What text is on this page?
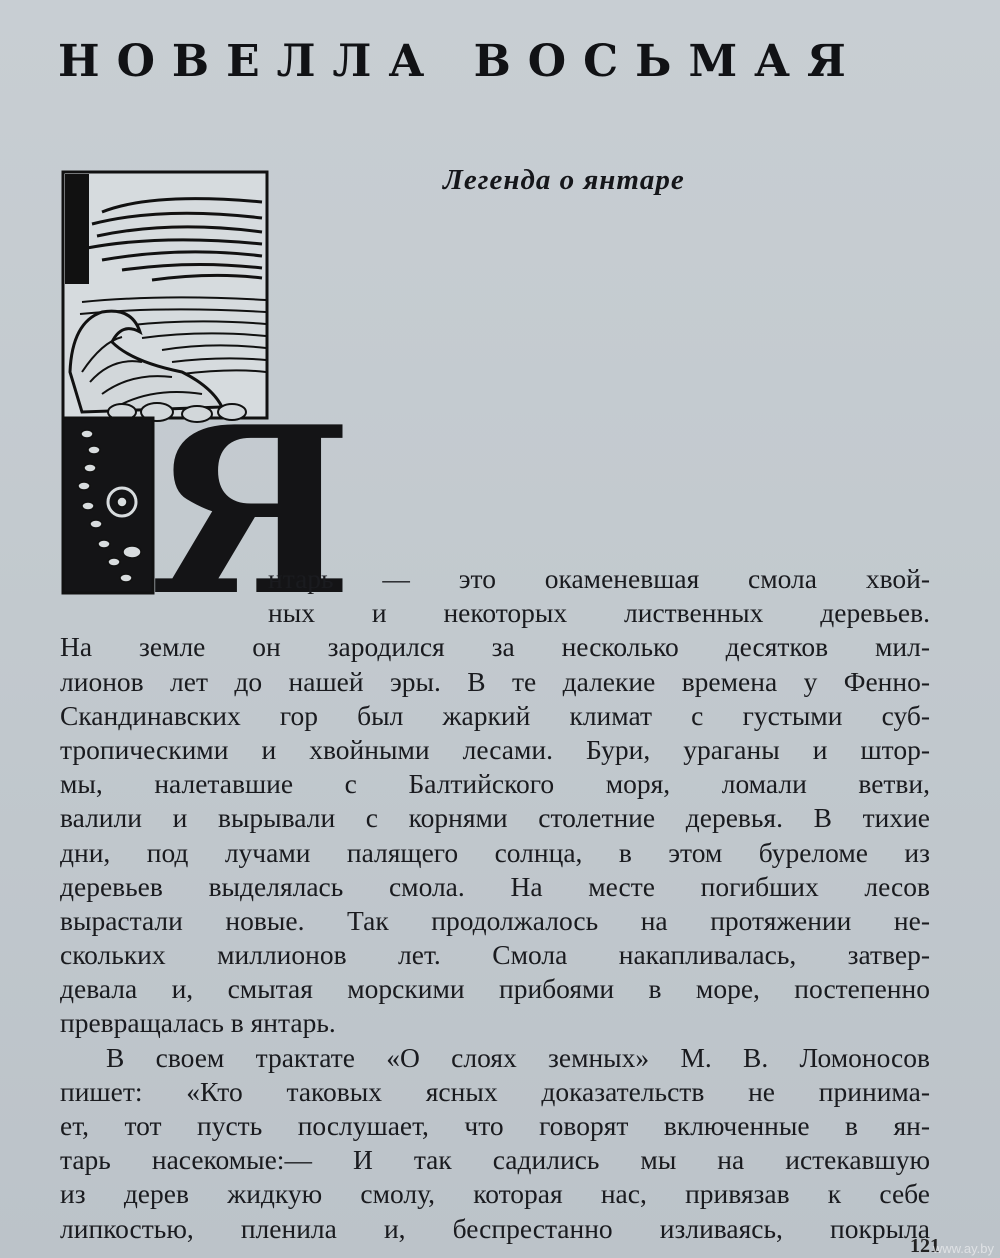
НОВЕЛЛА ВОСЬМАЯ
Легенда о янтаре
Я
нтарь — это окаменевшая смола хвой-
ных и некоторых лиственных деревьев.
На земле он зародился за несколько десятков мил-
лионов лет до нашей эры. В те далекие времена у Фенно-
Скандинавских гор был жаркий климат с густыми суб-
тропическими и хвойными лесами. Бури, ураганы и штор-
мы, налетавшие с Балтийского моря, ломали ветви,
валили и вырывали с корнями столетние деревья. В тихие
дни, под лучами палящего солнца, в этом буреломе из
деревьев выделялась смола. На месте погибших лесов
вырастали новые. Так продолжалось на протяжении не-
скольких миллионов лет. Смола накапливалась, затвер-
девала и, смытая морскими прибоями в море, постепенно
превращалась в янтарь.
В своем трактате «О слоях земных» М. В. Ломоносов
пишет: «Кто таковых ясных доказательств не принима-
ет, тот пусть послушает, что говорят включенные в ян-
тарь насекомые:— И так садились мы на истекавшую
из дерев жидкую смолу, которая нас, привязав к себе
липкостью, пленила и, беспрестанно изливаясь, покрыла
121
www.ay.by
